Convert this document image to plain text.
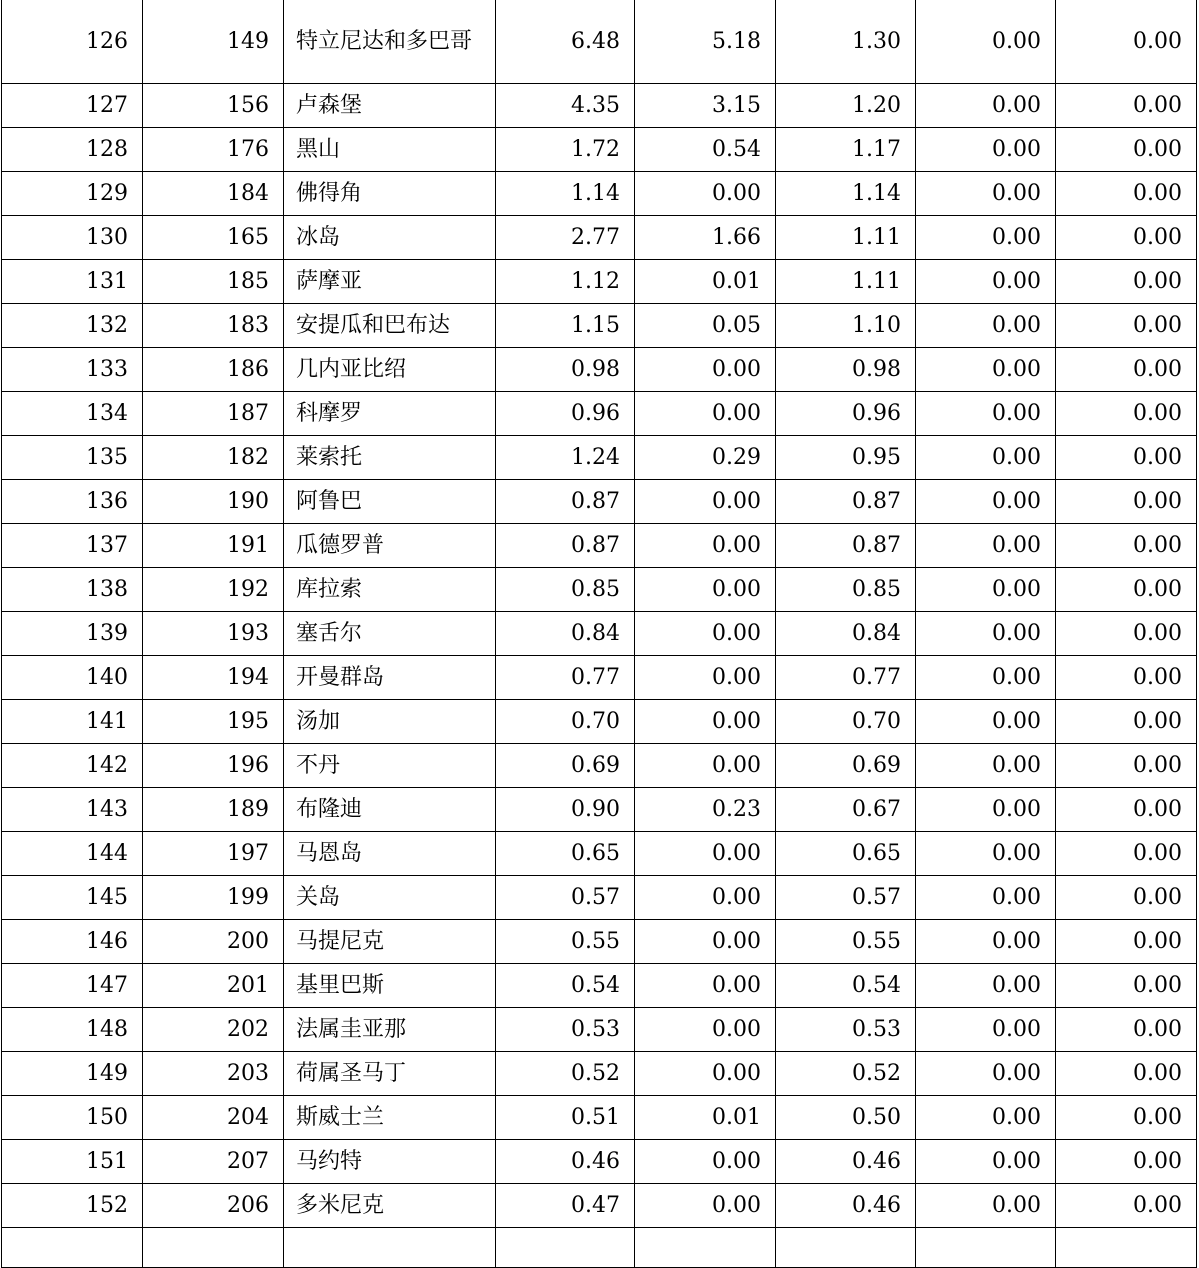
126	149	特立尼达和多巴哥	6.48	5.18	1.30	0.00	0.00
127	156	卢森堡	4.35	3.15	1.20	0.00	0.00
128	176	黑山	1.72	0.54	1.17	0.00	0.00
129	184	佛得角	1.14	0.00	1.14	0.00	0.00
130	165	冰岛	2.77	1.66	1.11	0.00	0.00
131	185	萨摩亚	1.12	0.01	1.11	0.00	0.00
132	183	安提瓜和巴布达	1.15	0.05	1.10	0.00	0.00
133	186	几内亚比绍	0.98	0.00	0.98	0.00	0.00
134	187	科摩罗	0.96	0.00	0.96	0.00	0.00
135	182	莱索托	1.24	0.29	0.95	0.00	0.00
136	190	阿鲁巴	0.87	0.00	0.87	0.00	0.00
137	191	瓜德罗普	0.87	0.00	0.87	0.00	0.00
138	192	库拉索	0.85	0.00	0.85	0.00	0.00
139	193	塞舌尔	0.84	0.00	0.84	0.00	0.00
140	194	开曼群岛	0.77	0.00	0.77	0.00	0.00
141	195	汤加	0.70	0.00	0.70	0.00	0.00
142	196	不丹	0.69	0.00	0.69	0.00	0.00
143	189	布隆迪	0.90	0.23	0.67	0.00	0.00
144	197	马恩岛	0.65	0.00	0.65	0.00	0.00
145	199	关岛	0.57	0.00	0.57	0.00	0.00
146	200	马提尼克	0.55	0.00	0.55	0.00	0.00
147	201	基里巴斯	0.54	0.00	0.54	0.00	0.00
148	202	法属圭亚那	0.53	0.00	0.53	0.00	0.00
149	203	荷属圣马丁	0.52	0.00	0.52	0.00	0.00
150	204	斯威士兰	0.51	0.01	0.50	0.00	0.00
151	207	马约特	0.46	0.00	0.46	0.00	0.00
152	206	多米尼克	0.47	0.00	0.46	0.00	0.00
